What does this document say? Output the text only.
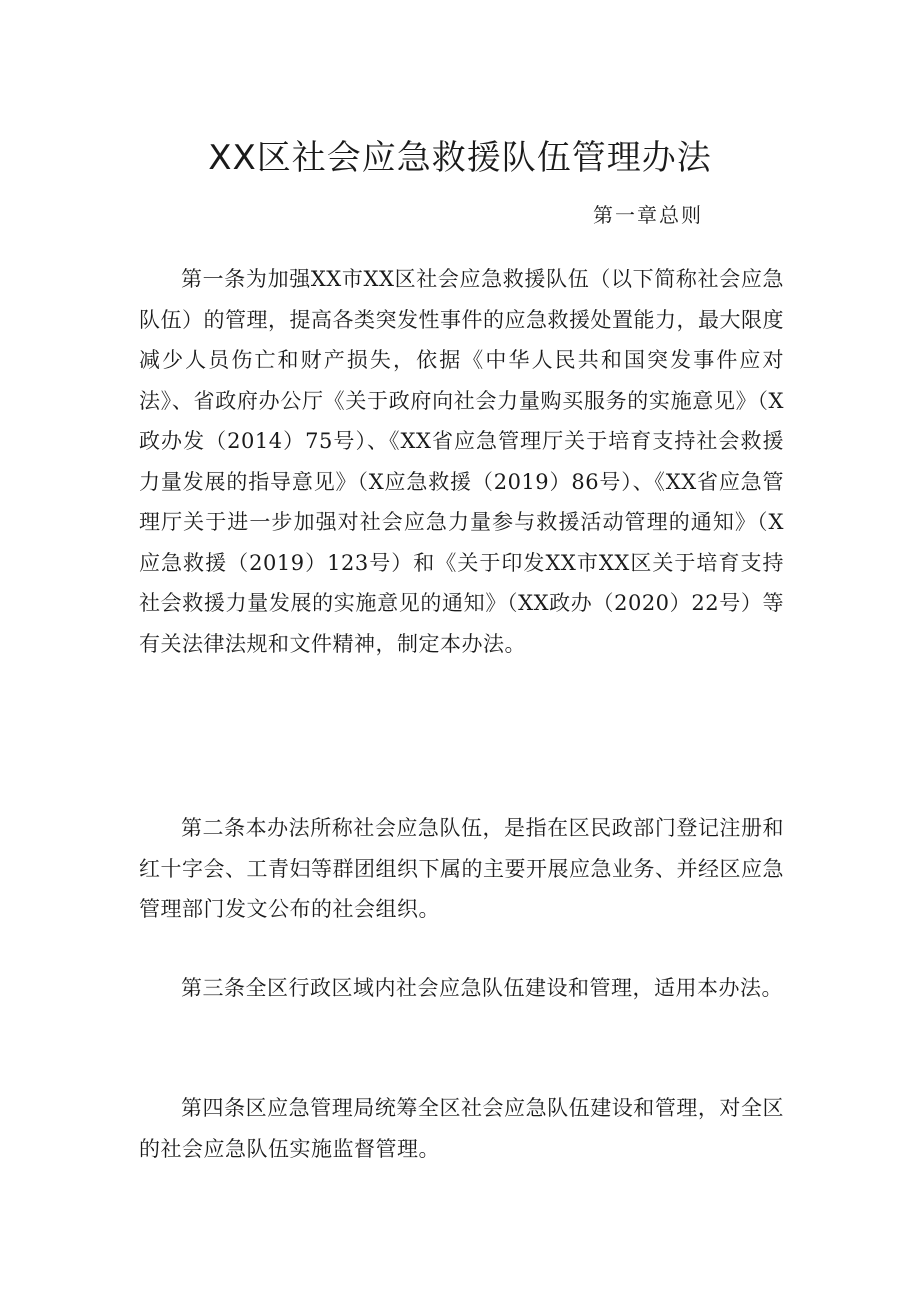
XX区社会应急救援队伍管理办法
第一章总则

第一条为加强XX市XX区社会应急救援队伍（以下简称社会应急队伍）的管理，提高各类突发性事件的应急救援处置能力，最大限度减少人员伤亡和财产损失，依据《中华人民共和国突发事件应对法》、省政府办公厅《关于政府向社会力量购买服务的实施意见》（X政办发（2014）75号）、《XX省应急管理厅关于培育支持社会救援力量发展的指导意见》（X应急救援（2019）86号）、《XX省应急管理厅关于进一步加强对社会应急力量参与救援活动管理的通知》（X应急救援（2019）123号）和《关于印发XX市XX区关于培育支持社会救援力量发展的实施意见的通知》（XX政办（2020）22号）等有关法律法规和文件精神，制定本办法。

第二条本办法所称社会应急队伍，是指在区民政部门登记注册和红十字会、工青妇等群团组织下属的主要开展应急业务、并经区应急管理部门发文公布的社会组织。

第三条全区行政区域内社会应急队伍建设和管理，适用本办法。

第四条区应急管理局统筹全区社会应急队伍建设和管理，对全区的社会应急队伍实施监督管理。
